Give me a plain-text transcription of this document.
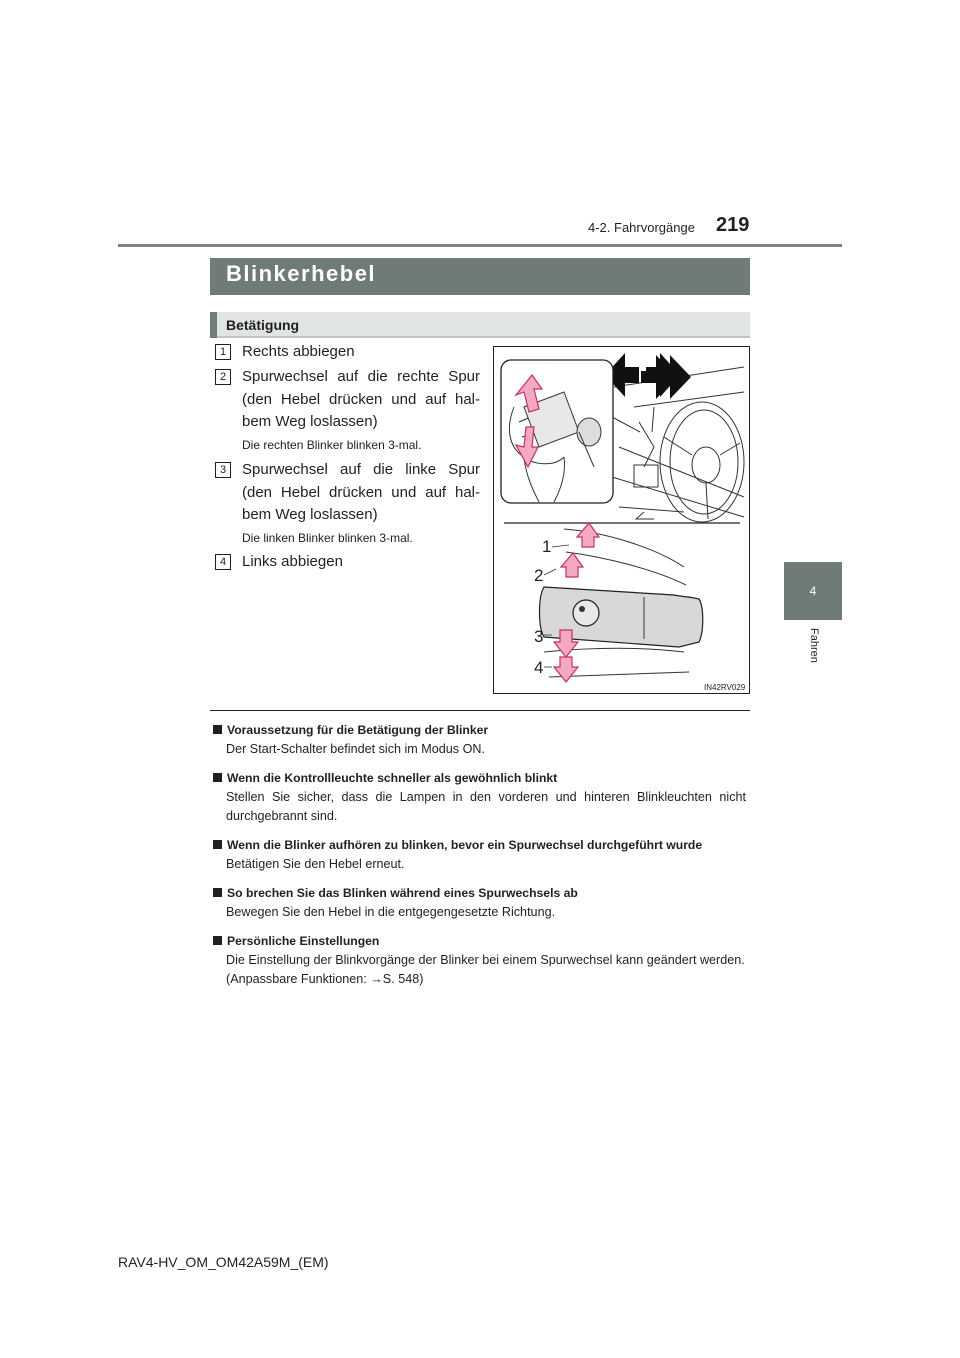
4-2. Fahrvorgänge 219
4
Fahren
Blinkerhebel
Betätigung
1	Rechts abbiegen
2	Spurwechsel auf die rechte Spur (den Hebel drücken und auf hal-bem Weg loslassen)
Die rechten Blinker blinken 3-mal.
3	Spurwechsel auf die linke Spur (den Hebel drücken und auf hal-bem Weg loslassen)
Die linken Blinker blinken 3-mal.
4	Links abbiegen
1
2
3
4
IN42RV029
Voraussetzung für die Betätigung der Blinker
Der Start-Schalter befindet sich im Modus ON.
Wenn die Kontrollleuchte schneller als gewöhnlich blinkt
Stellen Sie sicher, dass die Lampen in den vorderen und hinteren Blinkleuchten nicht durchgebrannt sind.
Wenn die Blinker aufhören zu blinken, bevor ein Spurwechsel durchgeführt wurde
Betätigen Sie den Hebel erneut.
So brechen Sie das Blinken während eines Spurwechsels ab
Bewegen Sie den Hebel in die entgegengesetzte Richtung.
Persönliche Einstellungen
Die Einstellung der Blinkvorgänge der Blinker bei einem Spurwechsel kann geändert werden.
(Anpassbare Funktionen: →S. 548)
RAV4-HV_OM_OM42A59M_(EM)
